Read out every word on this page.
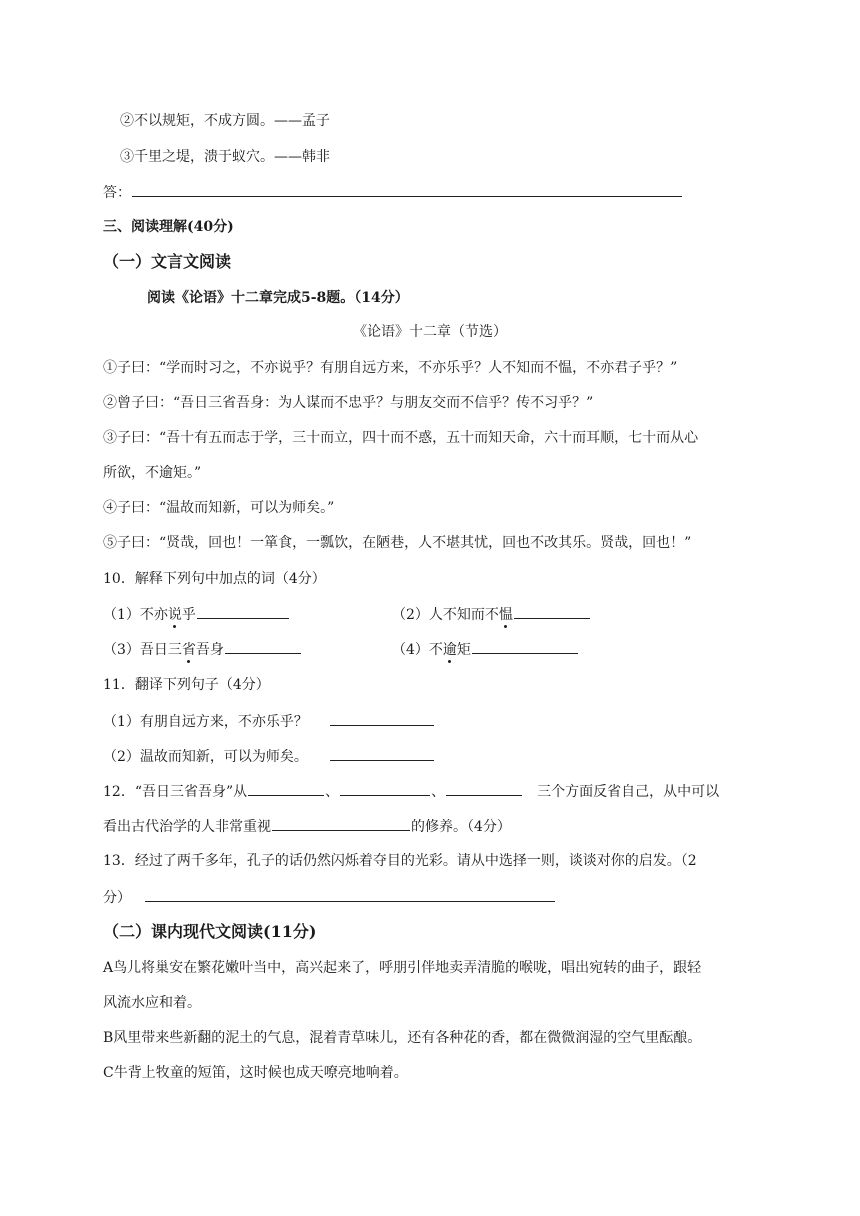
②不以规矩，不成方圆。——孟子
③千里之堤，溃于蚁穴。——韩非
答：
三、阅读理解(40分)
（一）文言文阅读
阅读《论语》十二章完成5-8题。（14分）
《论语》十二章（节选）
①子曰：“学而时习之，不亦说乎？有朋自远方来，不亦乐乎？人不知而不愠，不亦君子乎？”
②曾子曰：“吾日三省吾身：为人谋而不忠乎？与朋友交而不信乎？传不习乎？”
③子曰：“吾十有五而志于学，三十而立，四十而不惑，五十而知天命，六十而耳顺，七十而从心
所欲，不逾矩。”
④子曰：“温故而知新，可以为师矣。”
⑤子曰：“贤哉，回也！一箪食，一瓢饮，在陋巷，人不堪其忧，回也不改其乐。贤哉，回也！”
10．解释下列句中加点的词（4分）
（1）不亦说乎	（2）人不知而不愠
（3）吾日三省吾身	（4）不逾矩
11．翻译下列句子（4分）
（1）有朋自远方来，不亦乐乎？
（2）温故而知新，可以为师矣。
12．“吾日三省吾身”从	、	、	三个方面反省自己，从中可以
看出古代治学的人非常重视	的修养。（4分）
13．经过了两千多年，孔子的话仍然闪烁着夺目的光彩。请从中选择一则，谈谈对你的启发。（2
分）
（二）课内现代文阅读(11分)
A鸟儿将巢安在繁花嫩叶当中，高兴起来了，呼朋引伴地卖弄清脆的喉咙，唱出宛转的曲子，跟轻
风流水应和着。
B风里带来些新翻的泥土的气息，混着青草味儿，还有各种花的香，都在微微润湿的空气里酝酿。
C牛背上牧童的短笛，这时候也成天嘹亮地响着。
